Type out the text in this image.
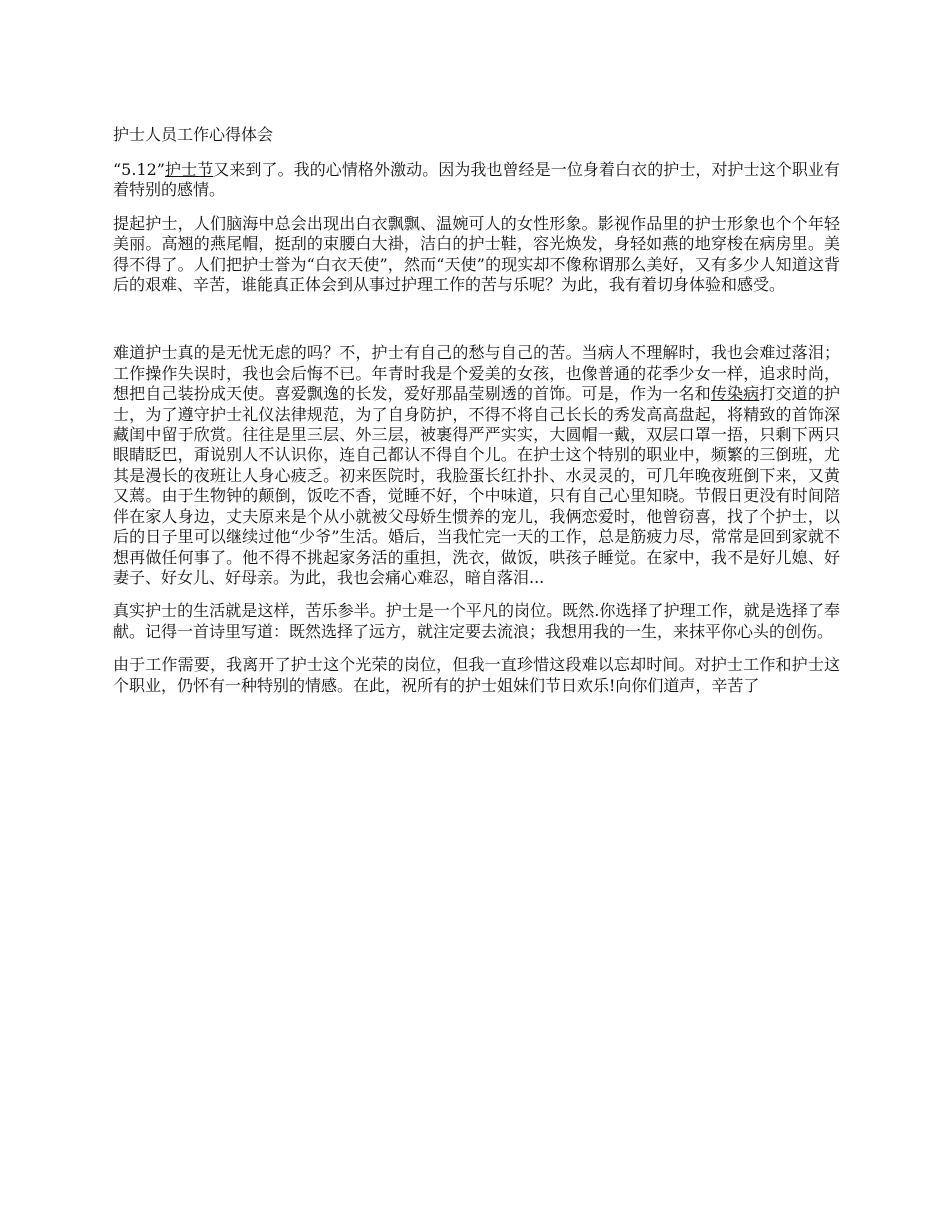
护士人员工作心得体会

“5.12”护士节又来到了。我的心情格外激动。因为我也曾经是一位身着白衣的护士，对护士这个职业有着特别的感情。

提起护士，人们脑海中总会出现出白衣飘飘、温婉可人的女性形象。影视作品里的护士形象也个个年轻美丽。高翘的燕尾帽，挺刮的束腰白大褂，洁白的护士鞋，容光焕发，身轻如燕的地穿梭在病房里。美得不得了。人们把护士誉为“白衣天使”，然而“天使”的现实却不像称谓那么美好，又有多少人知道这背后的艰难、辛苦，谁能真正体会到从事过护理工作的苦与乐呢？为此，我有着切身体验和感受。

难道护士真的是无忧无虑的吗？不，护士有自己的愁与自己的苦。当病人不理解时，我也会难过落泪；工作操作失误时，我也会后悔不已。年青时我是个爱美的女孩，也像普通的花季少女一样，追求时尚，想把自己装扮成天使。喜爱飘逸的长发，爱好那晶莹剔透的首饰。可是，作为一名和传染病打交道的护士，为了遵守护士礼仪法律规范，为了自身防护，不得不将自己长长的秀发高高盘起，将精致的首饰深藏闺中留于欣赏。往往是里三层、外三层，被裹得严严实实，大圆帽一戴，双层口罩一捂，只剩下两只眼睛眨巴，甭说别人不认识你，连自己都认不得自个儿。在护士这个特别的职业中，频繁的三倒班，尤其是漫长的夜班让人身心疲乏。初来医院时，我脸蛋长红扑扑、水灵灵的，可几年晚夜班倒下来，又黄又蔫。由于生物钟的颠倒，饭吃不香，觉睡不好，个中味道，只有自己心里知晓。节假日更没有时间陪伴在家人身边，丈夫原来是个从小就被父母娇生惯养的宠儿，我俩恋爱时，他曾窃喜，找了个护士，以后的日子里可以继续过他“少爷”生活。婚后，当我忙完一天的工作，总是筋疲力尽，常常是回到家就不想再做任何事了。他不得不挑起家务活的重担，洗衣，做饭，哄孩子睡觉。在家中，我不是好儿媳、好妻子、好女儿、好母亲。为此，我也会痛心难忍，暗自落泪...

真实护士的生活就是这样，苦乐参半。护士是一个平凡的岗位。既然.你选择了护理工作，就是选择了奉献。记得一首诗里写道：既然选择了远方，就注定要去流浪；我想用我的一生，来抹平你心头的创伤。

由于工作需要，我离开了护士这个光荣的岗位，但我一直珍惜这段难以忘却时间。对护士工作和护士这个职业，仍怀有一种特别的情感。在此，祝所有的护士姐妹们节日欢乐!向你们道声，辛苦了
